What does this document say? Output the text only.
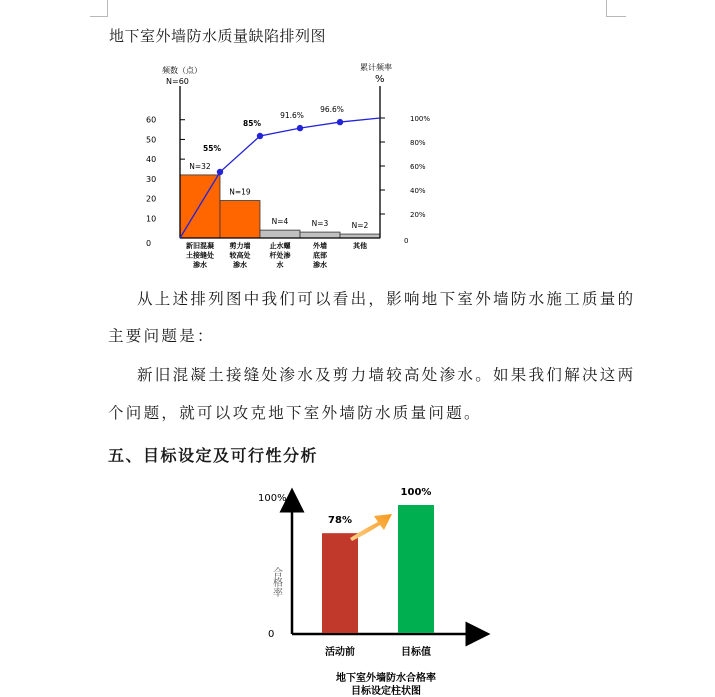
地下室外墙防水质量缺陷排列图
频数（点）
N=60
累计频率
%
0
10
20
30
40
50
60
0
20%
40%
60%
80%
100%
N=32
N=19
N=4	N=3	N=2
新旧混凝
土接缝处
渗水
剪力墙
较高处
渗水
止水螺
杆处渗
水
外墙
底部
渗水
其他
55%
85%
91.6%
96.6%
从上述排列图中我们可以看出，影响地下室外墙防水施工质量的
主要问题是：
新旧混凝土接缝处渗水及剪力墙较高处渗水。如果我们解决这两
个问题，就可以攻克地下室外墙防水质量问题。
五、目标设定及可行性分析
100%
0
合格率
78%
100%
活动前	目标值
地下室外墙防水合格率
目标设定柱状图
